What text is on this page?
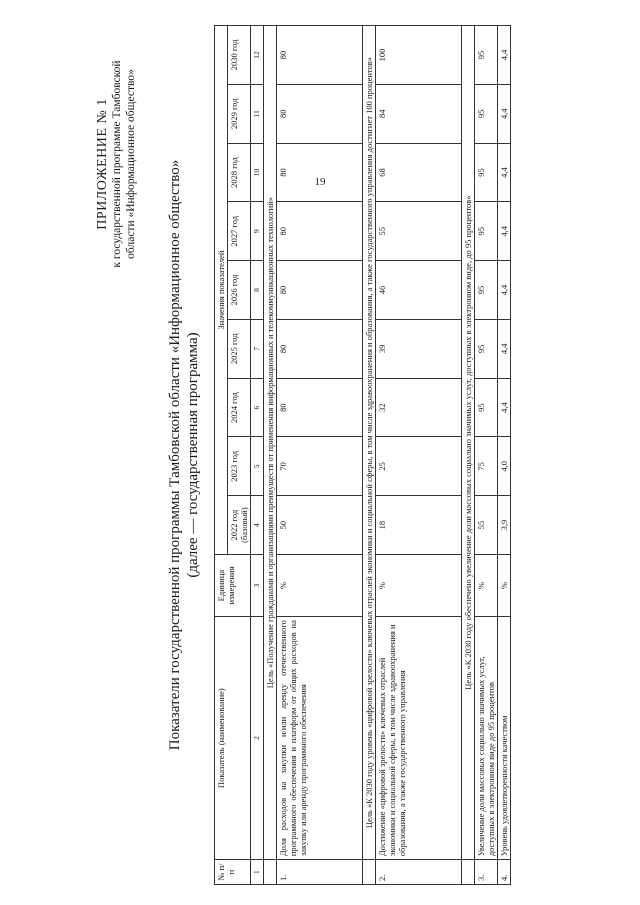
19
ПРИЛОЖЕНИЕ № 1 к государственной программе Тамбовской области «Информационное общество» Показатели государственной программы Тамбовской области «Информационное общество» (далее — государственная программа)
№ п/п	Показатель (наименование)	Единица измерения	Значения показателей								
			2022 год (базовый)	2023 год	2024 год	2025 год	2026 год	2027 год	2028 год	2029 год	2030 год
1	2	3	4	5	6	7	8	9	10	11	12
	Цель «Получение гражданами и организациями преимуществ от применения информационных и телекоммуникационных технологий»										
1.	Доля расходов на закупки и/или аренду отечественного программного обеспечения и платформ от общих расходов на закупку или аренду программного обеспечения	%	50	70	80	80	80	80	80	80	80
	Цель «К 2030 году уровень «цифровой зрелости» ключевых отраслей экономики и социальной сферы, в том числе здравоохранения и образования, а также государственного управления достигнет 100 процентов»										
2.	Достижение «цифровой зрелости» ключевых отраслей экономики и социальной сферы, в том числе здравоохранения и образования, а также государственного управления	%	18	25	32	39	46	55	68	84	100
	Цель «К 2030 году обеспечено увеличение доли массовых социально значимых услуг, доступных в электронном виде, до 95 процентов»										
3.	Увеличение доли массовых социально значимых услуг, доступных в электронном виде до 95 процентов	%	55	75	95	95	95	95	95	95	95
4.	Уровень удовлетворенности качеством	%	3,9	4,0	4,4	4,4	4,4	4,4	4,4	4,4	4,4
